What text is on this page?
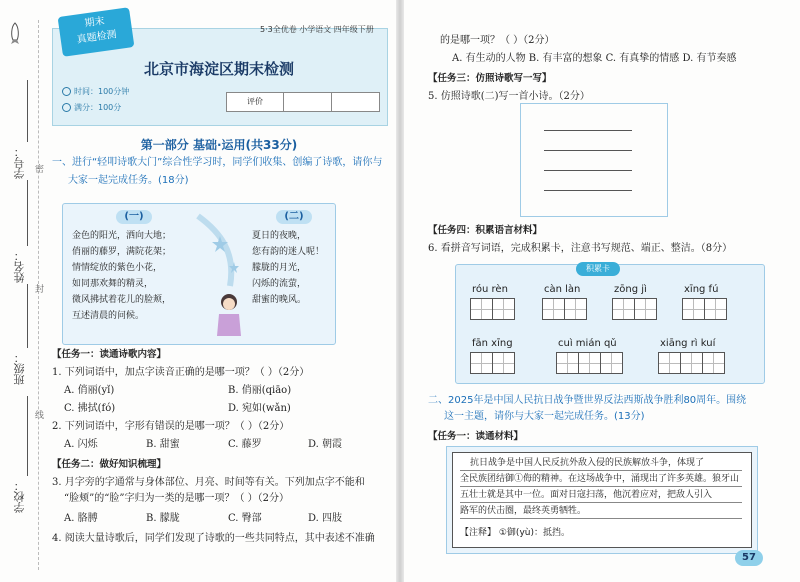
学号：
姓名：
班级：
学校：
密
封
线
期末
真题检测	5·3全优卷 小学语文 四年级下册
北京市海淀区期末检测
时间：100分钟
满分：100分
评价
第一部分 基础·运用(共33分)
一、进行“轻叩诗歌大门”综合性学习时，同学们收集、创编了诗歌，请你与
大家一起完成任务。(18分)
(一)
金色的阳光，洒向大地；
俏丽的藤罗，满院花架；
情情绽放的紫色小花，
如同那欢舞的精灵，
微风拂拭着花儿的脸颊，
互述清晨的问候。
(二)
夏日的夜晚，
您有韵的迷人呢！
朦胧的月光，
闪烁的流萤，
甜蜜的晚风。
【任务一：读通诗歌内容】
1. 下列词语中，加点字读音正确的是哪一项？（ ）（2分）
A. 俏丽(yǐ)	B. 俏丽(qiāo)
C. 拂拭(fó)	D. 宛如(wǎn)
2. 下列词语中，字形有错误的是哪一项？（ ）（2分）
A. 闪烁	B. 甜蜜	C. 藤罗	D. 朝霞
【任务二：做好知识梳理】
3. 月字旁的字通常与身体部位、月亮、时间等有关。下列加点字不能和
“脸颊”的“脸”字归为一类的是哪一项？（ ）（2分）
A. 胳膊	B. 朦胧	C. 臀部	D. 四肢
4. 阅读大量诗歌后，同学们发现了诗歌的一些共同特点，其中表述不准确
的是哪一项？（ ）（2分）
A. 有生动的人物 B. 有丰富的想象 C. 有真挚的情感 D. 有节奏感
【任务三：仿照诗歌写一写】
5. 仿照诗歌(二)写一首小诗。（2分）
【任务四：积累语言材料】
6. 看拼音写词语，完成积累卡，注意书写规范、端正、整洁。（8分）
积累卡
róu rèn	càn làn	zōng jì	xīng fú
fān xīng	cuì mián qǔ	xiāng rì kuí
二、2025年是中国人民抗日战争暨世界反法西斯战争胜利80周年。围绕
这一主题，请你与大家一起完成任务。(13分)
【任务一：读通材料】
抗日战争是中国人民反抗外敌入侵的民族解放斗争，体现了
全民族团结御①侮的精神。在这场战争中，涌现出了许多英雄。狼牙山
五壮士就是其中一位。面对日寇扫荡，他沉着应对，把敌人引入
路军的伏击圈，最终英勇牺牲。
【注释】 ①御(yù)：抵挡。
57
